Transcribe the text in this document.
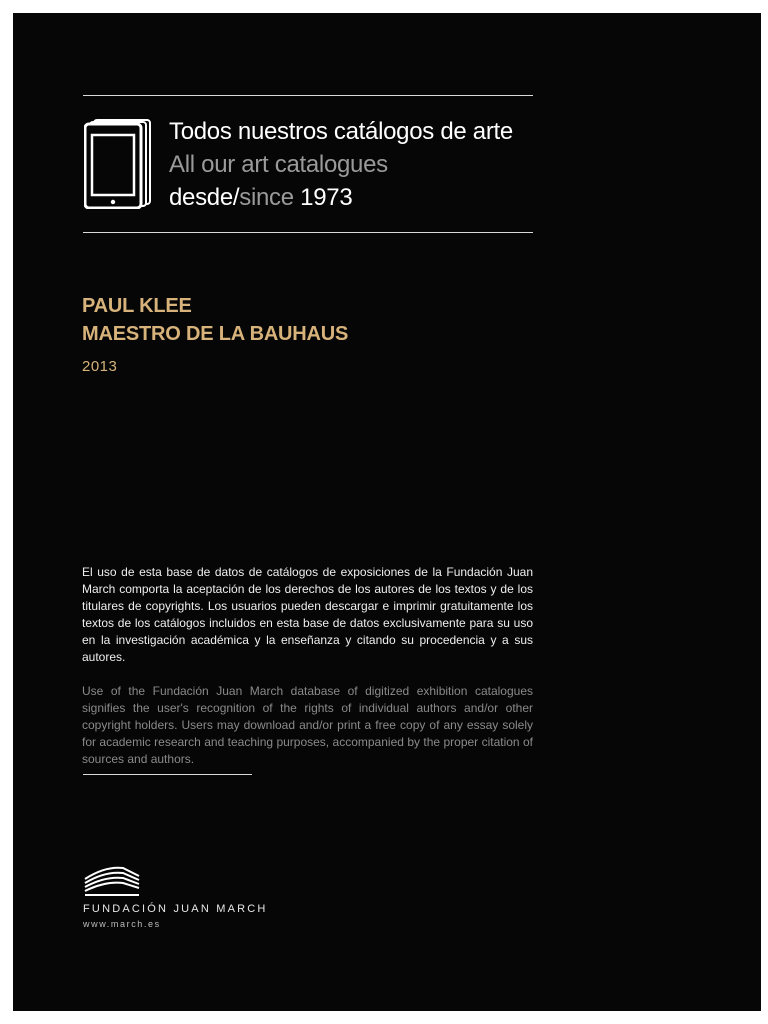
Todos nuestros catálogos de arte
All our art catalogues
desde/since 1973
PAUL KLEE
MAESTRO DE LA BAUHAUS
2013
El uso de esta base de datos de catálogos de exposiciones de la Fundación Juan March comporta la aceptación de los derechos de los autores de los textos y de los titulares de copyrights. Los usuarios pueden descargar e imprimir gratuitamente los textos de los catálogos incluidos en esta base de datos exclusivamente para su uso en la investigación académica y la enseñanza y citando su procedencia y a sus autores.
Use of the Fundación Juan March database of digitized exhibition catalogues signifies the user's recognition of the rights of individual authors and/or other copyright holders. Users may download and/or print a free copy of any essay solely for academic research and teaching purposes, accompanied by the proper citation of sources and authors.
FUNDACIÓN JUAN MARCH
www.march.es
